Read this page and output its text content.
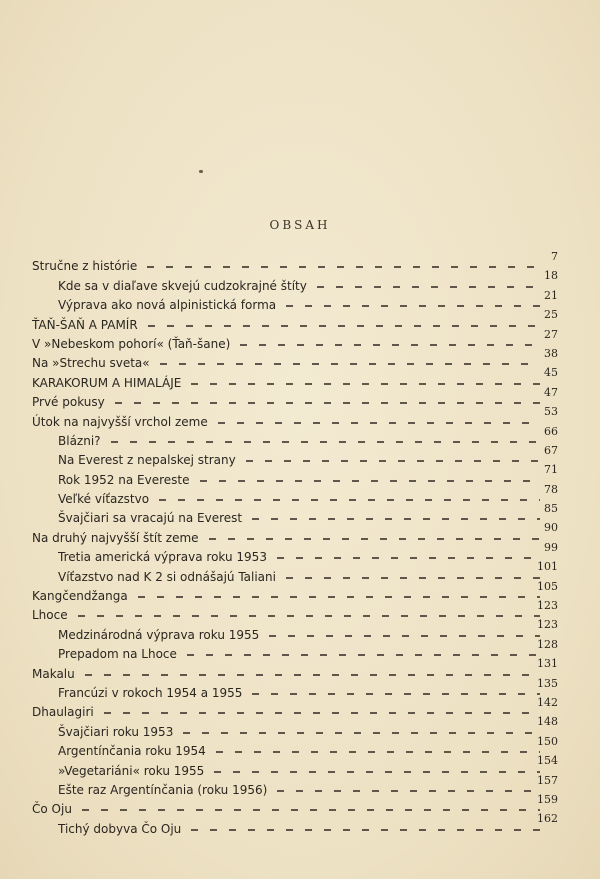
OBSAH
Stručne z histórie
7
Kde sa v diaľave skvejú cudzokrajné štíty
18
Výprava ako nová alpinistická forma
21
ŤAŇ-ŠAŇ A PAMÍR
25
V »Nebeskom pohorí« (Ťaň-šane)
27
Na »Strechu sveta«
38
KARAKORUM A HIMALÁJE
45
Prvé pokusy
47
Útok na najvyšší vrchol zeme
53
Blázni?
66
Na Everest z nepalskej strany
67
Rok 1952 na Evereste
71
Veľké víťazstvo
78
Švajčiari sa vracajú na Everest
85
Na druhý najvyšší štít zeme
90
Tretia americká výprava roku 1953
99
Víťazstvo nad K 2 si odnášajú Taliani
101
Kangčendžanga
105
Lhoce
123
Medzinárodná výprava roku 1955
123
Prepadom na Lhoce
128
Makalu
131
Francúzi v rokoch 1954 a 1955
135
Dhaulagiri
142
Švajčiari roku 1953
148
Argentínčania roku 1954
150
»Vegetariáni« roku 1955
154
Ešte raz Argentínčania (roku 1956)
157
Čo Oju
159
Tichý dobyva Čo Oju
162
